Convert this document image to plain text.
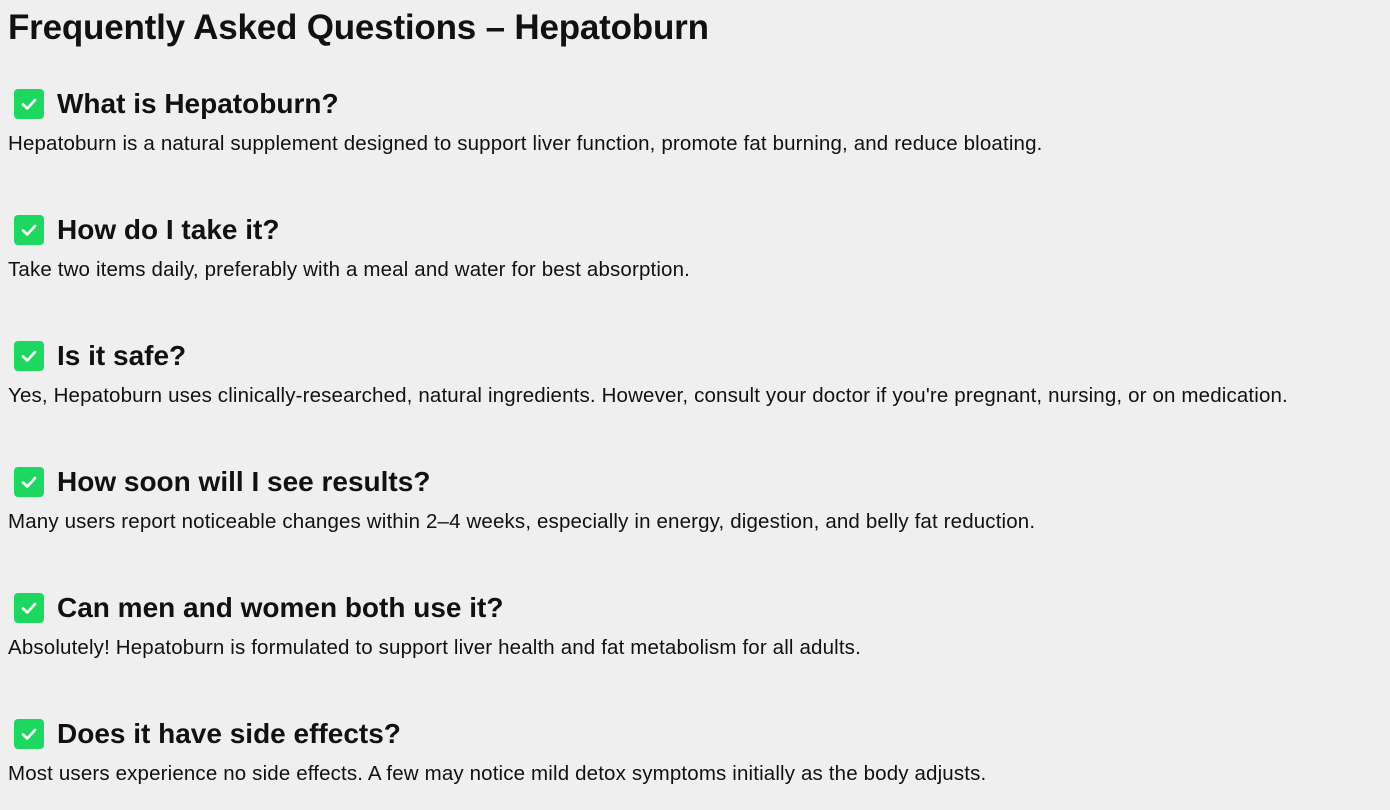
Frequently Asked Questions – Hepatoburn
What is Hepatoburn?

Hepatoburn is a natural supplement designed to support liver function, promote fat burning, and reduce bloating.

How do I take it?

Take two items daily, preferably with a meal and water for best absorption.

Is it safe?

Yes, Hepatoburn uses clinically-researched, natural ingredients. However, consult your doctor if you're pregnant, nursing, or on medication.

How soon will I see results?

Many users report noticeable changes within 2–4 weeks, especially in energy, digestion, and belly fat reduction.

Can men and women both use it?

Absolutely! Hepatoburn is formulated to support liver health and fat metabolism for all adults.

Does it have side effects?

Most users experience no side effects. A few may notice mild detox symptoms initially as the body adjusts.
